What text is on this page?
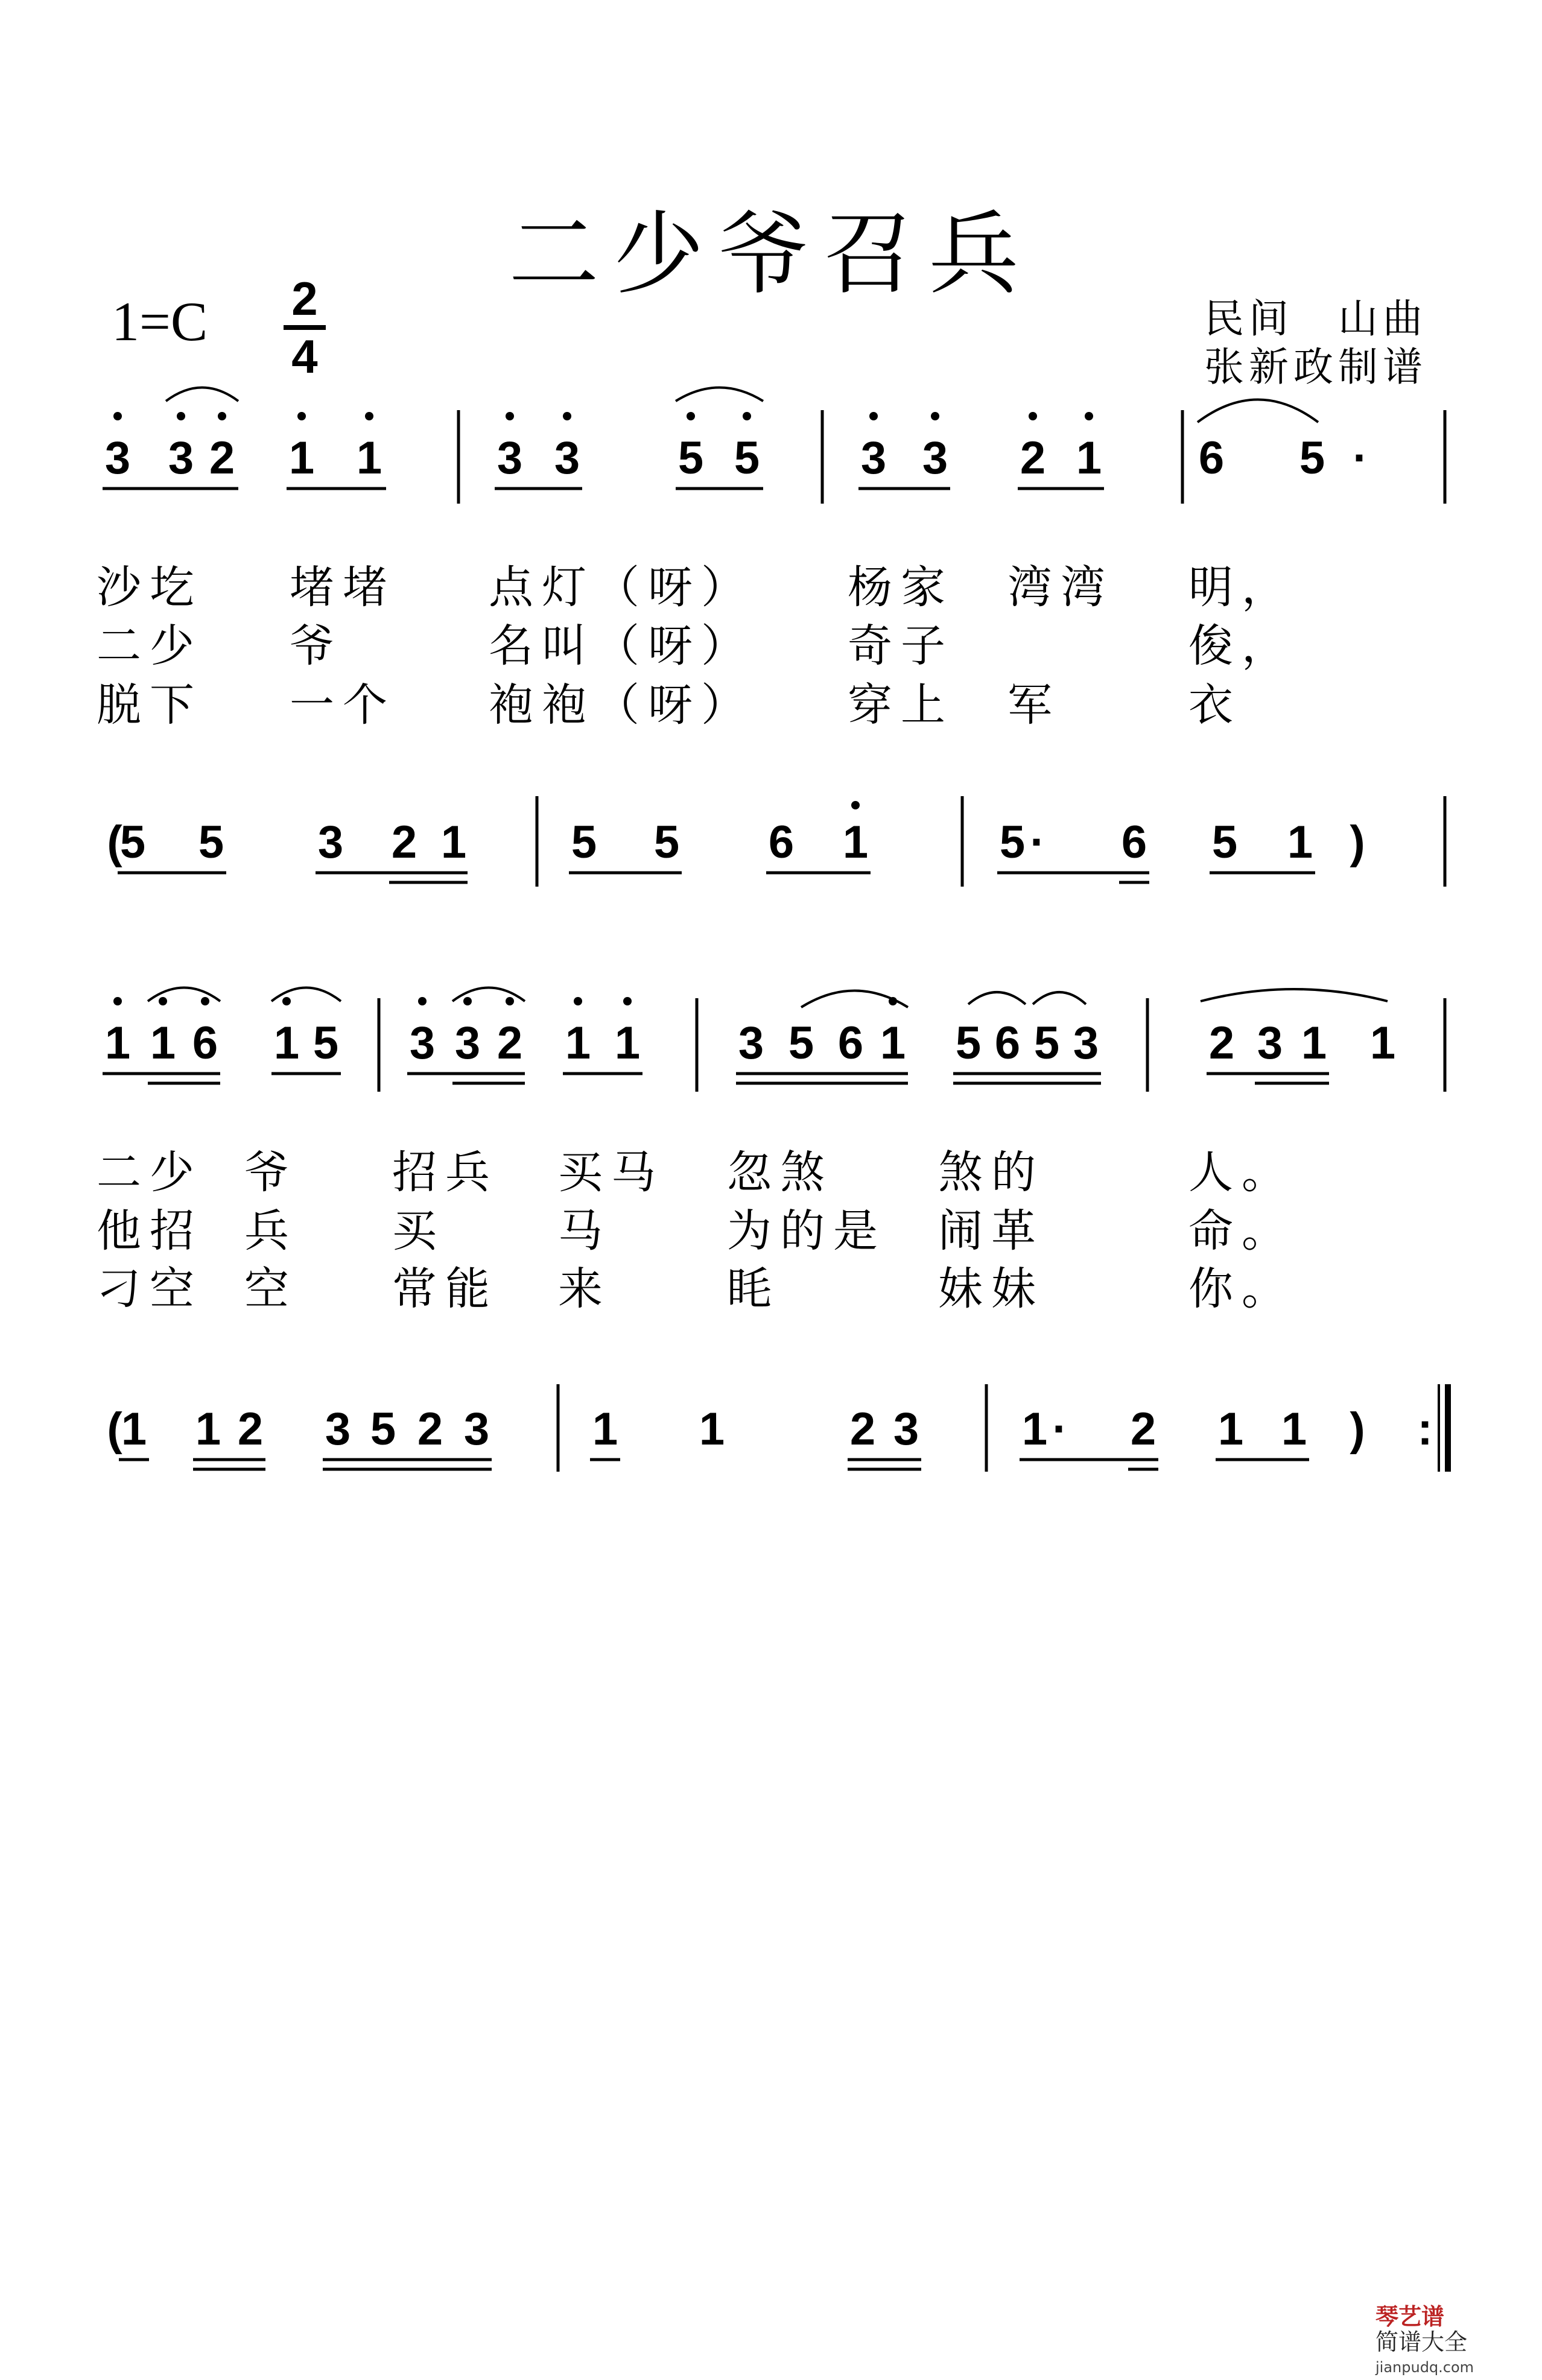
二少爷召兵
1=C 2
4
民间　山曲
张新政制谱
3 3 2 1 1	3 3 5 5 3 3 2 1 6 5 ·
(
5 5 3 2 1 5 5 6 1	5 · 6 5 1 )
1 1 6 1 5 3 3 2 1 1 3 5 6 1 5 6 5 3 2 3 1 1
(
1 1 2 3 5 2 3 1 1	2 3 1 · 2 1 1 ) :
沙圪 堵堵 点灯（呀） 杨家 湾湾 明，
二少 爷	名叫（呀） 奇子	俊，
脱下 一个 袍袍（呀） 穿上 军	衣
二少 爷 招兵 买马 忽煞 煞的	人。
他招 兵 买	马	为的是 闹革	命。
刁空 空 常能 来	眊	妹妹	你。
琴艺谱
简谱大全
jianpudq.com
